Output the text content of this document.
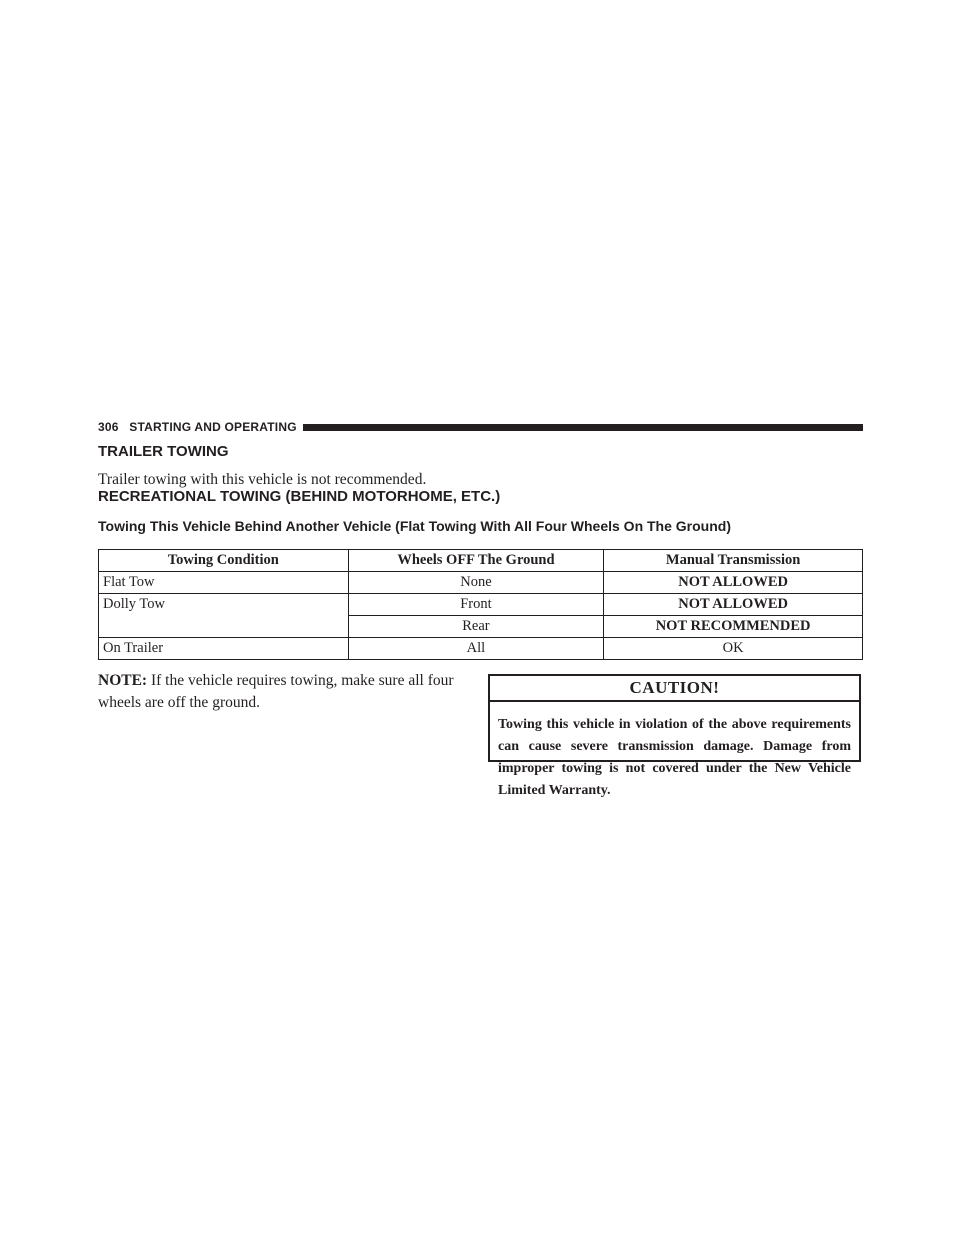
306 STARTING AND OPERATING
TRAILER TOWING

Trailer towing with this vehicle is not recommended.

RECREATIONAL TOWING (BEHIND MOTORHOME, ETC.)
Towing This Vehicle Behind Another Vehicle (Flat Towing With All Four Wheels On The Ground)
Towing Condition	Wheels OFF The Ground	Manual Transmission
Flat Tow	None	NOT ALLOWED
Dolly Tow	Front	NOT ALLOWED
	Rear	NOT RECOMMENDED
On Trailer	All	OK

NOTE: If the vehicle requires towing, make sure all four wheels are off the ground.

CAUTION!

Towing this vehicle in violation of the above requirements can cause severe transmission damage. Damage from improper towing is not covered under the New Vehicle Limited Warranty.
